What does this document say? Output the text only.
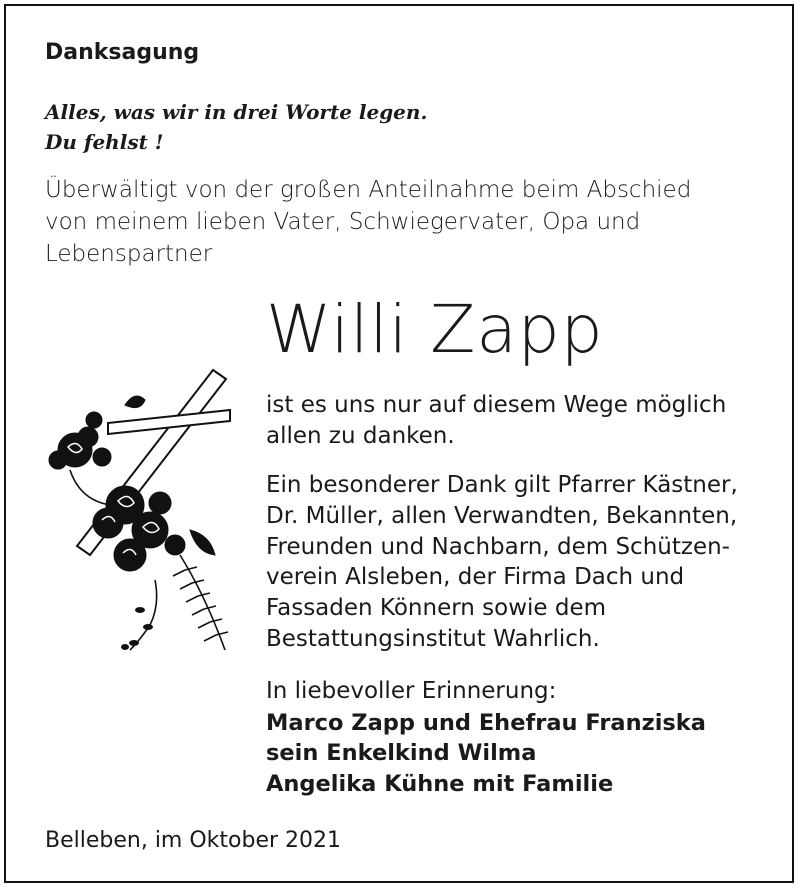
Danksagung
Alles, was wir in drei Worte legen.
Du fehlst !
Überwältigt von der großen Anteilnahme beim Abschied
von meinem lieben Vater, Schwiegervater, Opa und
Lebenspartner
Willi Zapp
ist es uns nur auf diesem Wege möglich
allen zu danken.
Ein besonderer Dank gilt Pfarrer Kästner,
Dr. Müller, allen Verwandten, Bekannten,
Freunden und Nachbarn, dem Schützen-
verein Alsleben, der Firma Dach und
Fassaden Könnern sowie dem
Bestattungsinstitut Wahrlich.
In liebevoller Erinnerung:
Marco Zapp und Ehefrau Franziska
sein Enkelkind Wilma
Angelika Kühne mit Familie
Belleben, im Oktober 2021
